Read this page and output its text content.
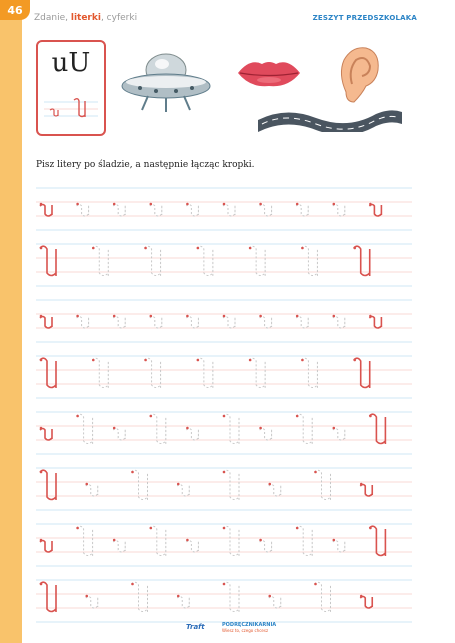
46
Zdanie, literki, cyferki	ZESZYT PRZEDSZKOLAKA
uU
Pisz litery po śladzie, a następnie łącząc kropki.
Traft	PODRĘCZNIKARNIA
Wiesz to, czego chcesz
